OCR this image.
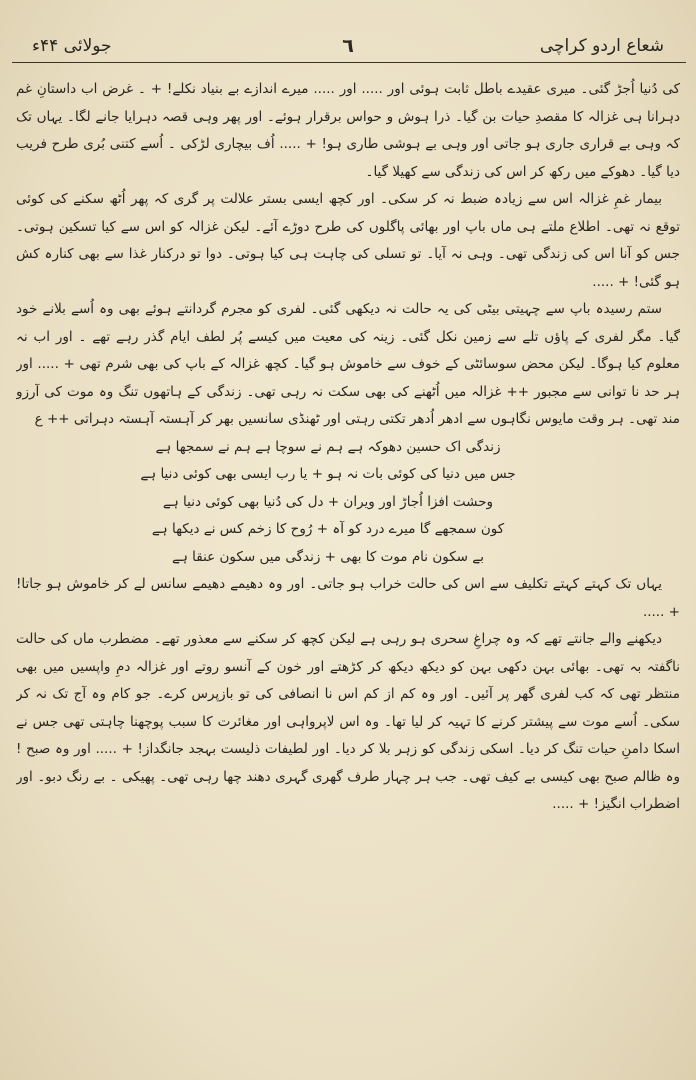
شعاع اردو کراچی
٦
جولائی ۴۴ء

کی دُنیا اُجڑ گئی۔ میری عقیدے باطل ثابت ہوئی اور ..... اور ..... میرے اندازے بے بنیاد نکلے! + ۔ غرض اب داستانِ غم دہرانا ہی غزالہ کا مقصدِ حیات بن گیا۔ ذرا ہوش و حواس برقرار ہوئے۔ اور پھر وہی قصہ دہرایا جانے لگا۔ یہاں تک کہ وہی بے قراری جاری ہو جاتی اور وہی بے ہوشی طاری ہو! + ..... اُف بیچاری لڑکی ۔ اُسے کتنی بُری طرح فریب دیا گیا۔ دھوکے میں رکھ کر اس کی زندگی سے کھیلا گیا۔

بیمار غمِ غزالہ اس سے زیادہ ضبط نہ کر سکی۔ اور کچھ ایسی بستر علالت پر گری کہ پھر اُٹھ سکنے کی کوئی توقع نہ تھی۔ اطلاع ملتے ہی ماں باپ اور بھائی پاگلوں کی طرح دوڑے آئے۔ لیکن غزالہ کو اس سے کیا تسکین ہوتی۔ جس کو آنا اس کی زندگی تھی۔ وہی نہ آیا۔ تو تسلی کی چاہت ہی کیا ہوتی۔ دوا تو درکنار غذا سے بھی کنارہ کش ہو گئی! + .....

ستم رسیدہ باپ سے چہیتی بیٹی کی یہ حالت نہ دیکھی گئی۔ لفری کو مجرم گردانتے ہوئے بھی وہ اُسے بلانے خود گیا۔ مگر لفری کے پاؤں تلے سے زمین نکل گئی۔ زینہ کی معیت میں کیسے پُر لطف ایام گذر رہے تھے ۔ اور اب نہ معلوم کیا ہوگا۔ لیکن محض سوسائٹی کے خوف سے خاموش ہو گیا۔ کچھ غزالہ کے باپ کی بھی شرم تھی + ..... اور ہر حد نا توانی سے مجبور ++ غزالہ میں اُٹھنے کی بھی سکت نہ رہی تھی۔ زندگی کے ہاتھوں تنگ وہ موت کی آرزو مند تھی۔ ہر وقت مایوس نگاہوں سے ادھر اُدھر تکتی رہتی اور ٹھنڈی سانسیں بھر کر آہستہ آہستہ دہراتی ++ ع

زندگی اک حسین دھوکہ ہے ہم نے سوچا ہے ہم نے سمجھا ہے
جس میں دنیا کی کوئی بات نہ ہو + یا رب ایسی بھی کوئی دنیا ہے
وحشت افزا اُجاڑ اور ویران + دل کی دُنیا بھی کوئی دنیا ہے
کون سمجھے گا میرے درد کو آہ + رُوح کا زخم کس نے دیکھا ہے
بے سکون نام موت کا بھی + زندگی میں سکون عنقا ہے

یہاں تک کہتے کہتے تکلیف سے اس کی حالت خراب ہو جاتی۔ اور وہ دھیمے دھیمے سانس لے کر خاموش ہو جاتا! + .....

دیکھنے والے جانتے تھے کہ وہ چراغِ سحری ہو رہی ہے لیکن کچھ کر سکنے سے معذور تھے۔ مضطرب ماں کی حالت ناگفتہ بہ تھی۔ بھائی بہن دکھی بہن کو دیکھ دیکھ کر کڑھتے اور خون کے آنسو روتے اور غزالہ دمِ واپسیں میں بھی منتظر تھی کہ کب لفری گھر پر آئیں۔ اور وہ کم از کم اس نا انصافی کی تو بازپرس کرے۔ جو کام وہ آج تک نہ کر سکی۔ اُسے موت سے پیشتر کرنے کا تہیہ کر لیا تھا۔ وہ اس لاپرواہی اور مغائرت کا سبب پوچھنا چاہتی تھی جس نے اسکا دامنِ حیات تنگ کر دیا۔ اسکی زندگی کو زہر بلا کر دیا۔ اور لطیفات ذلیست بہجد جانگداز! + ..... اور وہ صبح ! وہ ظالم صبح بھی کیسی بے کیف تھی۔ جب ہر چہار طرف گھری گہری دھند چھا رہی تھی۔ پھیکی ۔ بے رنگ دبو۔ اور اضطراب انگیز! + .....
